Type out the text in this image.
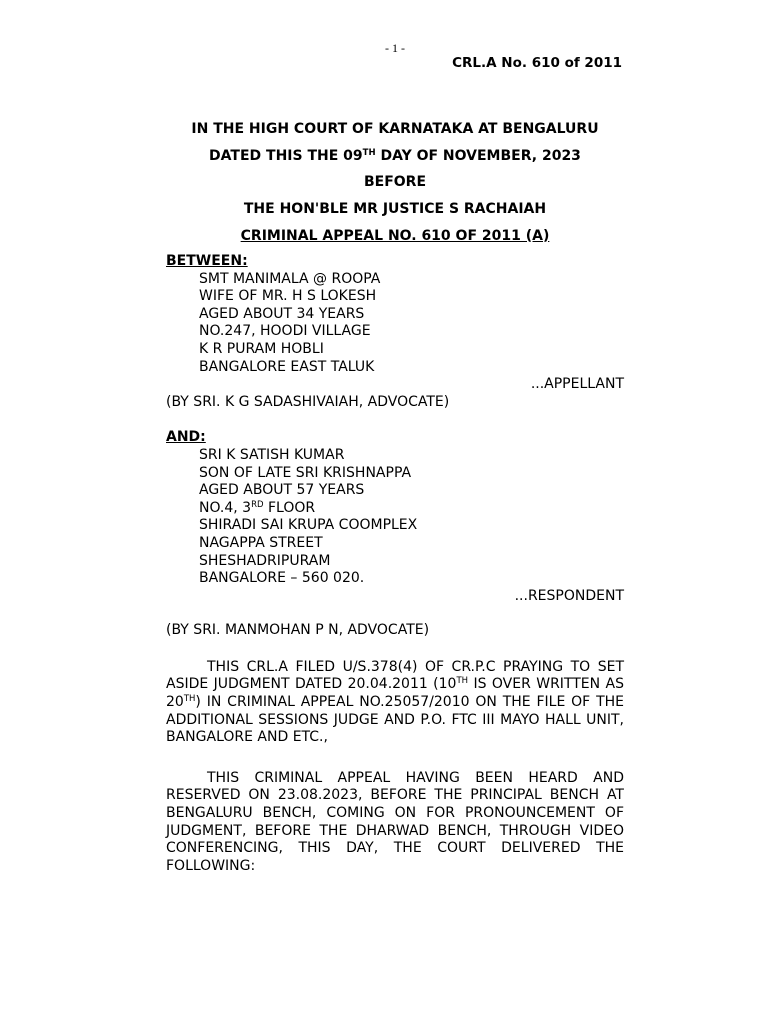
- 1 -
CRL.A No. 610 of 2011
IN THE HIGH COURT OF KARNATAKA AT BENGALURU
DATED THIS THE 09TH DAY OF NOVEMBER, 2023
BEFORE
THE HON'BLE MR JUSTICE S RACHAIAH
CRIMINAL APPEAL NO. 610 OF 2011 (A)
BETWEEN:
SMT MANIMALA @ ROOPA
WIFE OF MR. H S LOKESH
AGED ABOUT 34 YEARS
NO.247, HOODI VILLAGE
K R PURAM HOBLI
BANGALORE EAST TALUK
...APPELLANT
(BY SRI. K G SADASHIVAIAH, ADVOCATE)
AND:
SRI K SATISH KUMAR
SON OF LATE SRI KRISHNAPPA
AGED ABOUT 57 YEARS
NO.4, 3RD FLOOR
SHIRADI SAI KRUPA COOMPLEX
NAGAPPA STREET
SHESHADRIPURAM
BANGALORE – 560 020.
...RESPONDENT
(BY SRI. MANMOHAN P N, ADVOCATE)

THIS CRL.A FILED U/S.378(4) OF CR.P.C PRAYING TO SET ASIDE JUDGMENT DATED 20.04.2011 (10TH IS OVER WRITTEN AS 20TH) IN CRIMINAL APPEAL NO.25057/2010 ON THE FILE OF THE ADDITIONAL SESSIONS JUDGE AND P.O. FTC III MAYO HALL UNIT, BANGALORE AND ETC.,

THIS CRIMINAL APPEAL HAVING BEEN HEARD AND RESERVED ON 23.08.2023, BEFORE THE PRINCIPAL BENCH AT BENGALURU BENCH, COMING ON FOR PRONOUNCEMENT OF JUDGMENT, BEFORE THE DHARWAD BENCH, THROUGH VIDEO CONFERENCING, THIS DAY, THE COURT DELIVERED THE FOLLOWING:
